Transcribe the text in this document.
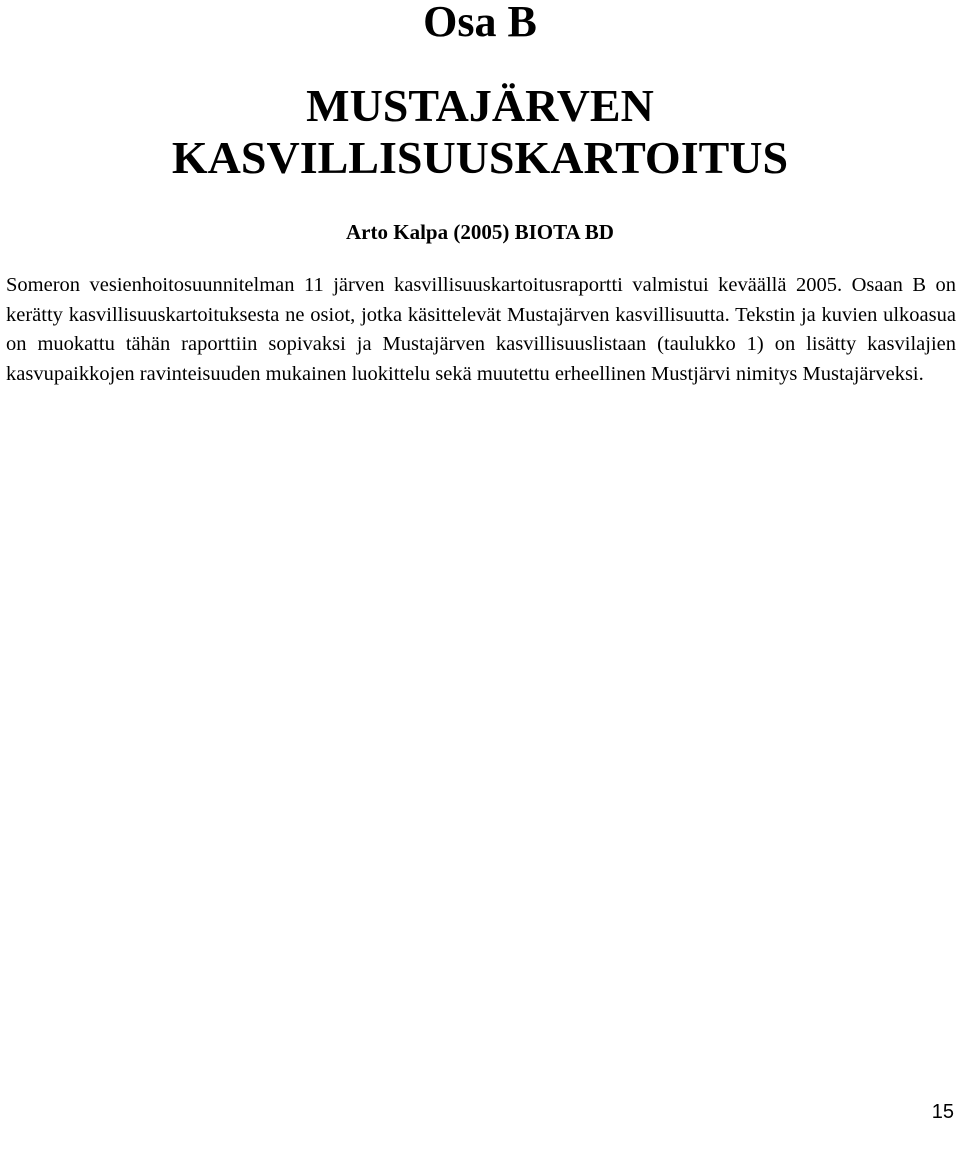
Osa B
MUSTAJÄRVEN
KASVILLISUUSKARTOITUS

Arto Kalpa (2005) BIOTA BD

Someron vesienhoitosuunnitelman 11 järven kasvillisuuskartoitusraportti valmistui keväällä 2005. Osaan B on kerätty kasvillisuuskartoituksesta ne osiot, jotka käsittelevät Mustajärven kasvillisuutta. Tekstin ja kuvien ulkoasua on muokattu tähän raporttiin sopivaksi ja Mustajärven kasvillisuuslistaan (taulukko 1) on lisätty kasvilajien kasvupaikkojen ravinteisuuden mukainen luokittelu sekä muutettu erheellinen Mustjärvi nimitys Mustajärveksi.

15
